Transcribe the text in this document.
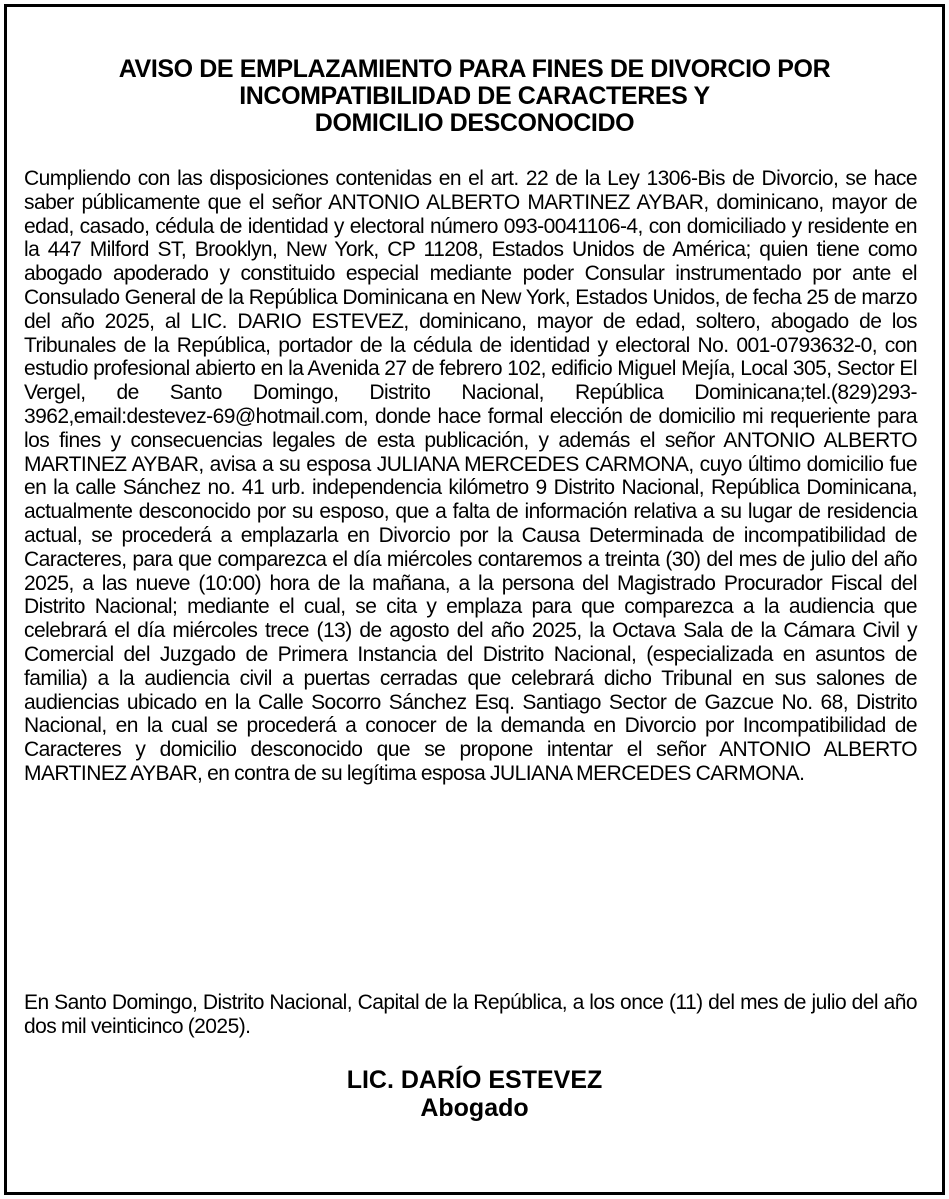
AVISO DE EMPLAZAMIENTO PARA FINES DE DIVORCIO POR
INCOMPATIBILIDAD DE CARACTERES Y
DOMICILIO DESCONOCIDO
Cumpliendo con las disposiciones contenidas en el art. 22 de la Ley 1306-Bis de Divorcio, se hace saber públicamente que el señor ANTONIO ALBERTO MARTINEZ AYBAR, dominicano, mayor de edad, casado, cédula de identidad y electoral número 093-0041106-4, con domiciliado y residente en la 447 Milford ST, Brooklyn, New York, CP 11208, Estados Unidos de América; quien tiene como abogado apoderado y constituido especial mediante poder Consular instrumentado por ante el Consulado General de la República Dominicana en New York, Estados Unidos, de fecha 25 de marzo del año 2025, al LIC. DARIO ESTEVEZ, dominicano, mayor de edad, soltero, abogado de los Tribunales de la República, portador de la cédula de identidad y electoral No. 001-0793632-0, con estudio profesional abierto en la Avenida 27 de febrero 102, edificio Miguel Mejía, Local 305, Sector El Vergel, de Santo Domingo, Distrito Nacional, República Dominicana;tel.(829)293-3962,email:destevez-69@hotmail.com, donde hace formal elección de domicilio mi requeriente para los fines y consecuencias legales de esta publicación, y además el señor ANTONIO ALBERTO MARTINEZ AYBAR, avisa a su esposa JULIANA MERCEDES CARMONA, cuyo último domicilio fue en la calle Sánchez no. 41 urb. independencia kilómetro 9 Distrito Nacional, República Dominicana, actualmente desconocido por su esposo, que a falta de información relativa a su lugar de residencia actual, se procederá a emplazarla en Divorcio por la Causa Determinada de incompatibilidad de Caracteres, para que comparezca el día miércoles contaremos a treinta (30) del mes de julio del año 2025, a las nueve (10:00) hora de la mañana, a la persona del Magistrado Procurador Fiscal del Distrito Nacional; mediante el cual, se cita y emplaza para que comparezca a la audiencia que celebrará el día miércoles trece (13) de agosto del año 2025, la Octava Sala de la Cámara Civil y Comercial del Juzgado de Primera Instancia del Distrito Nacional, (especializada en asuntos de familia) a la audiencia civil a puertas cerradas que celebrará dicho Tribunal en sus salones de audiencias ubicado en la Calle Socorro Sánchez Esq. Santiago Sector de Gazcue No. 68, Distrito Nacional, en la cual se procederá a conocer de la demanda en Divorcio por Incompatibilidad de Caracteres y domicilio desconocido que se propone intentar el señor ANTONIO ALBERTO MARTINEZ AYBAR, en contra de su legítima esposa JULIANA MERCEDES CARMONA.
En Santo Domingo, Distrito Nacional, Capital de la República, a los once (11) del mes de julio del año dos mil veinticinco (2025).
LIC. DARÍO ESTEVEZ
Abogado
